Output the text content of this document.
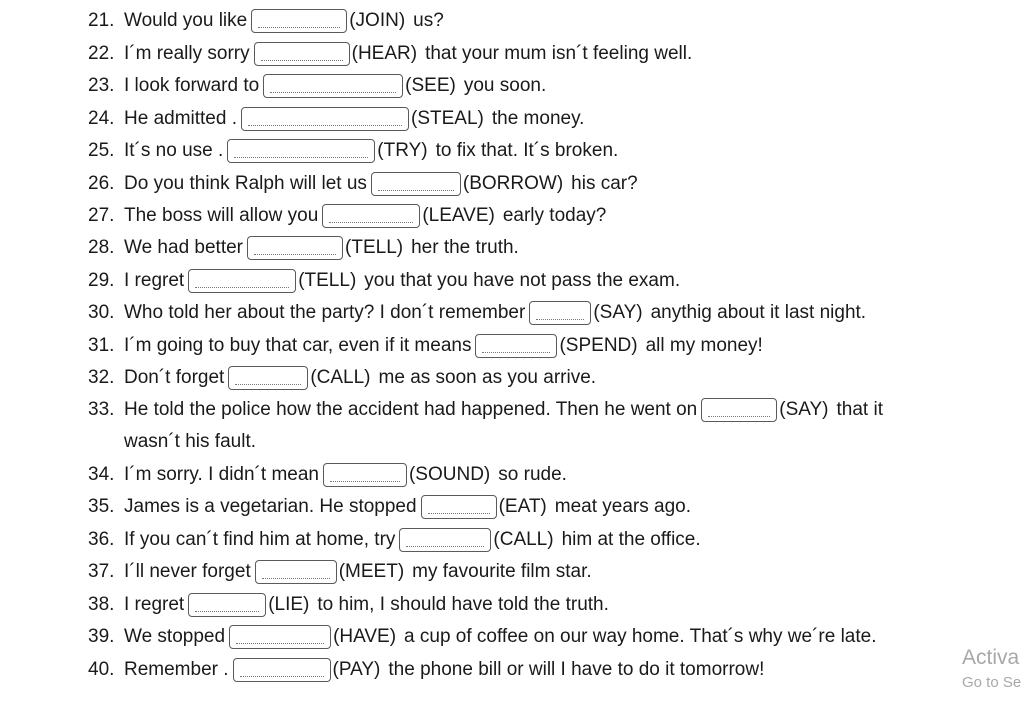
21. Would you like	(JOIN) us?
22. I´m really sorry	(HEAR) that your mum isn´t feeling well.
23. I look forward to	(SEE) you soon.
24. He admitted .	(STEAL) the money.
25. It´s no use .	(TRY) to fix that. It´s broken.
26. Do you think Ralph will let us	(BORROW) his car?
27. The boss will allow you	(LEAVE) early today?
28. We had better	(TELL) her the truth.
29. I regret	(TELL) you that you have not pass the exam.
30. Who told her about the party? I don´t remember	(SAY) anythig about it last night.
31. I´m going to buy that car, even if it means	(SPEND) all my money!
32. Don´t forget	(CALL) me as soon as you arrive.
33. He told the police how the accident had happened. Then he went on	(SAY) that it
34. I´m sorry. I didn´t mean	(SOUND) so rude.
35. James is a vegetarian. He stopped	(EAT) meat years ago.
36. If you can´t find him at home, try	(CALL) him at the office.
37. I´ll never forget	(MEET) my favourite film star.
38. I regret	(LIE) to him, I should have told the truth.
39. We stopped	(HAVE) a cup of coffee on our way home. That´s why we´re late.
40. Remember .	(PAY) the phone bill or will I have to do it tomorrow!
wasn´t his fault.
Activa
Go to Se
